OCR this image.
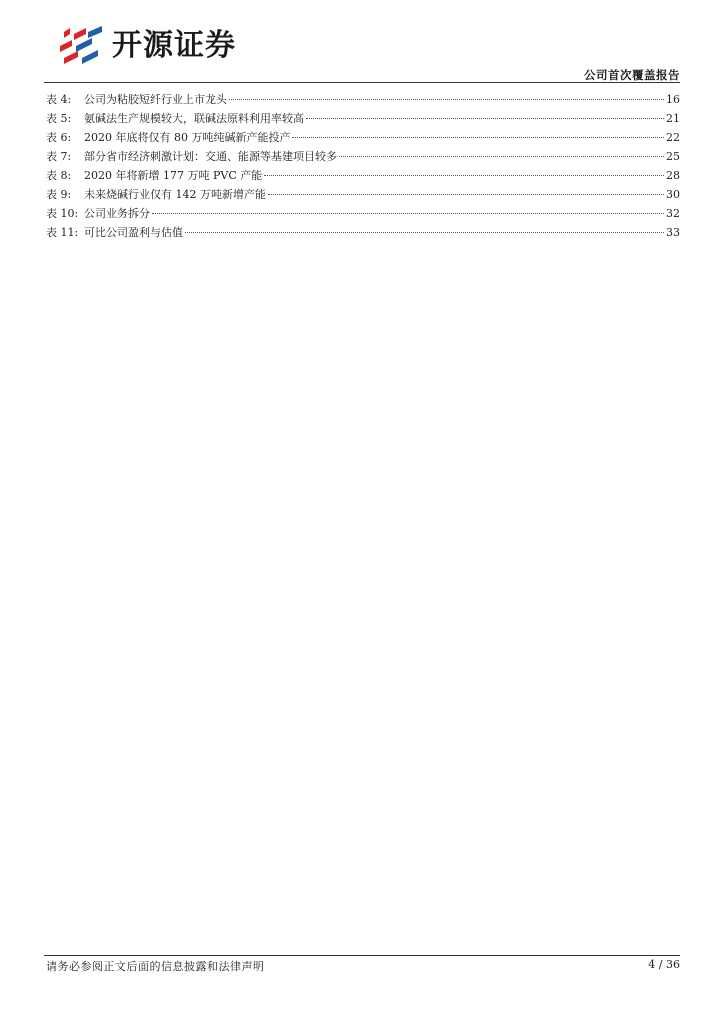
开源证券
公司首次覆盖报告
表 4:	公司为粘胶短纤行业上市龙头	16
表 5:	氨碱法生产规模较大，联碱法原料利用率较高	21
表 6:	2020 年底将仅有 80 万吨纯碱新产能投产	22
表 7:	部分省市经济刺激计划：交通、能源等基建项目较多	25
表 8:	2020 年将新增 177 万吨 PVC 产能	28
表 9:	未来烧碱行业仅有 142 万吨新增产能	30
表 10: 公司业务拆分	32
表 11: 可比公司盈利与估值	33
请务必参阅正文后面的信息披露和法律声明	4 / 36
